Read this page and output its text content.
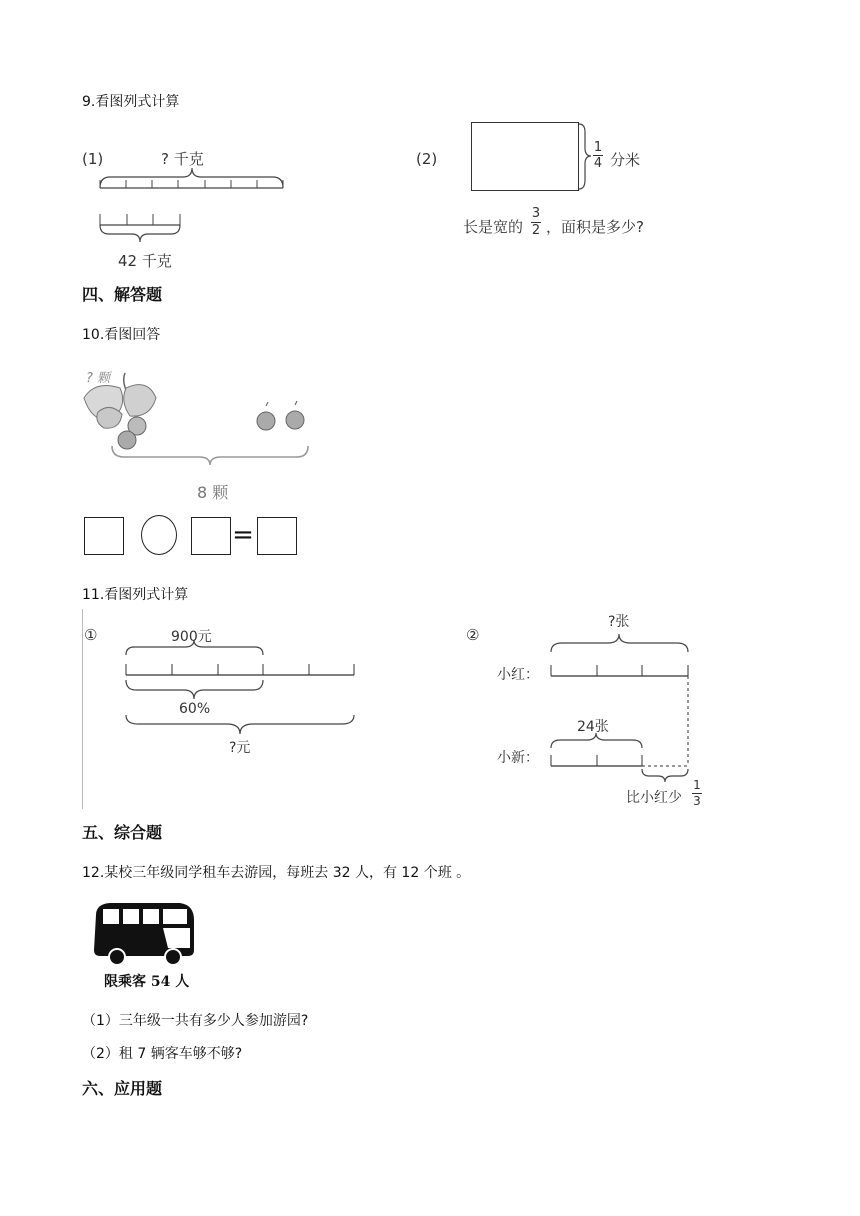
9.看图列式计算
(1)	? 千克
42 千克
(2)	$\frac{1}{4}$ 分米
长是宽的 $\frac{3}{2}$ ，面积是多少?
四、解答题
10.看图回答
? 颗
8 颗
=
11.看图列式计算
①	900元
60%
?元
②
?张
小红：
24张
小新：
比小红少 $\frac{1}{3}$
五、综合题
12.某校三年级同学租车去游园，每班去 32 人，有 12 个班 。
限乘客 54 人
（1）三年级一共有多少人参加游园?
（2）租 7 辆客车够不够?
六、应用题
